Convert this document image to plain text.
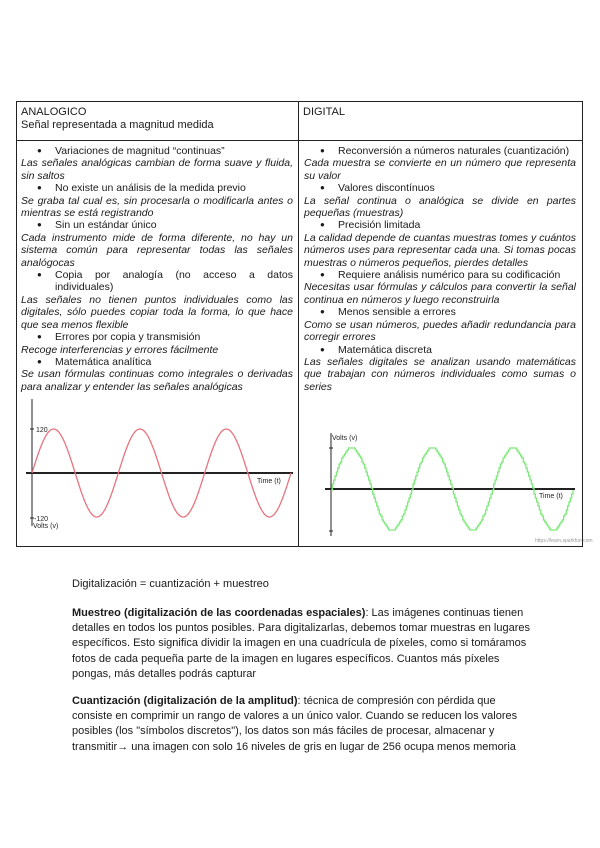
ANALOGICO
Señal representada a magnitud medida
DIGITAL
● Variaciones de magnitud “continuas”
Las señales analógicas cambian de forma suave y fluida, sin saltos
● No existe un análisis de la medida previo
Se graba tal cual es, sin procesarla o modificarla antes o mientras se está registrando
● Sin un estándar único
Cada instrumento mide de forma diferente, no hay un sistema común para representar todas las señales analógocas
● Copia por analogía (no acceso a datos individuales)
Las señales no tienen puntos individuales como las digitales, sólo puedes copiar toda la forma, lo que hace que sea menos flexible
● Errores por copia y transmisión
Recoge interferencias y errores fácilmente
● Matemática analítica
Se usan fórmulas continuas como integrales o derivadas para analizar y entender las señales analógicas
● Reconversión a números naturales (cuantización)
Cada muestra se convierte en un número que representa su valor
● Valores discontínuos
La señal continua o analógica se divide en partes pequeñas (muestras)
● Precisión limitada
La calidad depende de cuantas muestras tomes y cuántos números uses para representar cada una. Si tomas pocas muestras o números pequeños, pierdes detalles
● Requiere análisis numérico para su codificación
Necesitas usar fórmulas y cálculos para convertir la señal continua en números y luego reconstruirla
● Menos sensible a errores
Como se usan números, puedes añadir redundancia para corregir errores
● Matemática discreta
Las señales digitales se analizan usando matemáticas que trabajan con números individuales como sumas o series
120
-120
Volts (v)
Time (t)
Volts (v)
Time (t)
https://learn.sparkfun.com
Digitalización = cuantización + muestreo
Muestreo (digitalización de las coordenadas espaciales): Las imágenes continuas tienen detalles en todos los puntos posibles. Para digitalizarlas, debemos tomar muestras en lugares específicos. Esto significa dividir la imagen en una cuadrícula de píxeles, como si tomáramos fotos de cada pequeña parte de la imagen en lugares específicos. Cuantos más píxeles pongas, más detalles podrás capturar
Cuantización (digitalización de la amplitud): técnica de compresión con pérdida que consiste en comprimir un rango de valores a un único valor. Cuando se reducen los valores posibles (los "símbolos discretos"), los datos son más fáciles de procesar, almacenar y transmitir→ una imagen con solo 16 niveles de gris en lugar de 256 ocupa menos memoria
